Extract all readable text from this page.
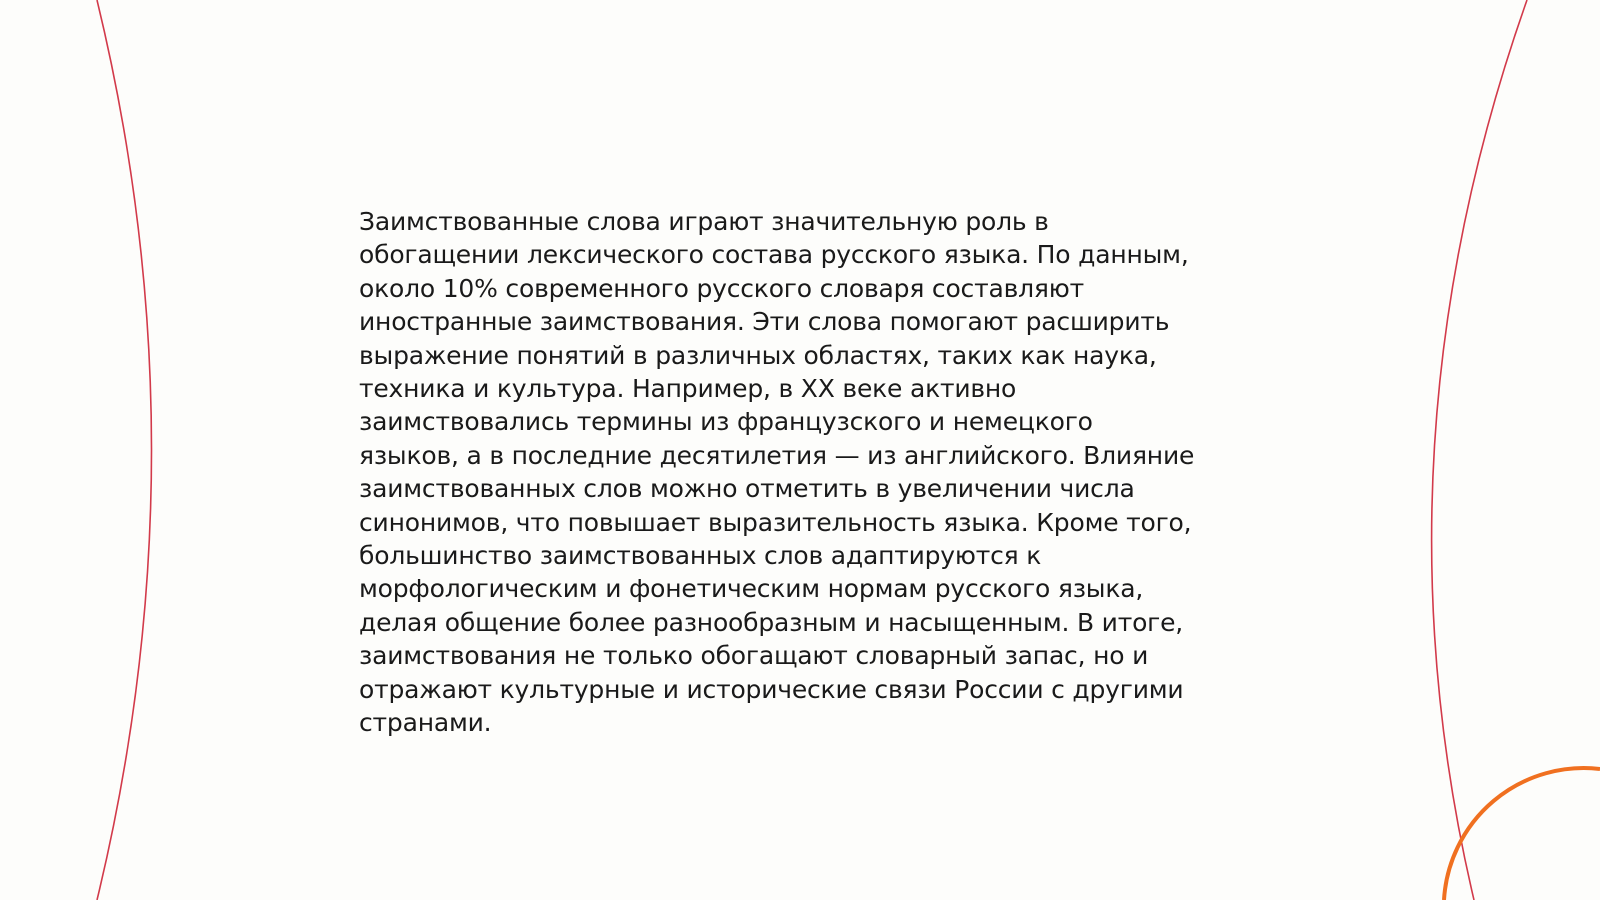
Заимствованные слова играют значительную роль в
обогащении лексического состава русского языка. По данным,
около 10% современного русского словаря составляют
иностранные заимствования. Эти слова помогают расширить
выражение понятий в различных областях, таких как наука,
техника и культура. Например, в XX веке активно
заимствовались термины из французского и немецкого
языков, а в последние десятилетия — из английского. Влияние
заимствованных слов можно отметить в увеличении числа
синонимов, что повышает выразительность языка. Кроме того,
большинство заимствованных слов адаптируются к
морфологическим и фонетическим нормам русского языка,
делая общение более разнообразным и насыщенным. В итоге,
заимствования не только обогащают словарный запас, но и
отражают культурные и исторические связи России с другими
странами.
